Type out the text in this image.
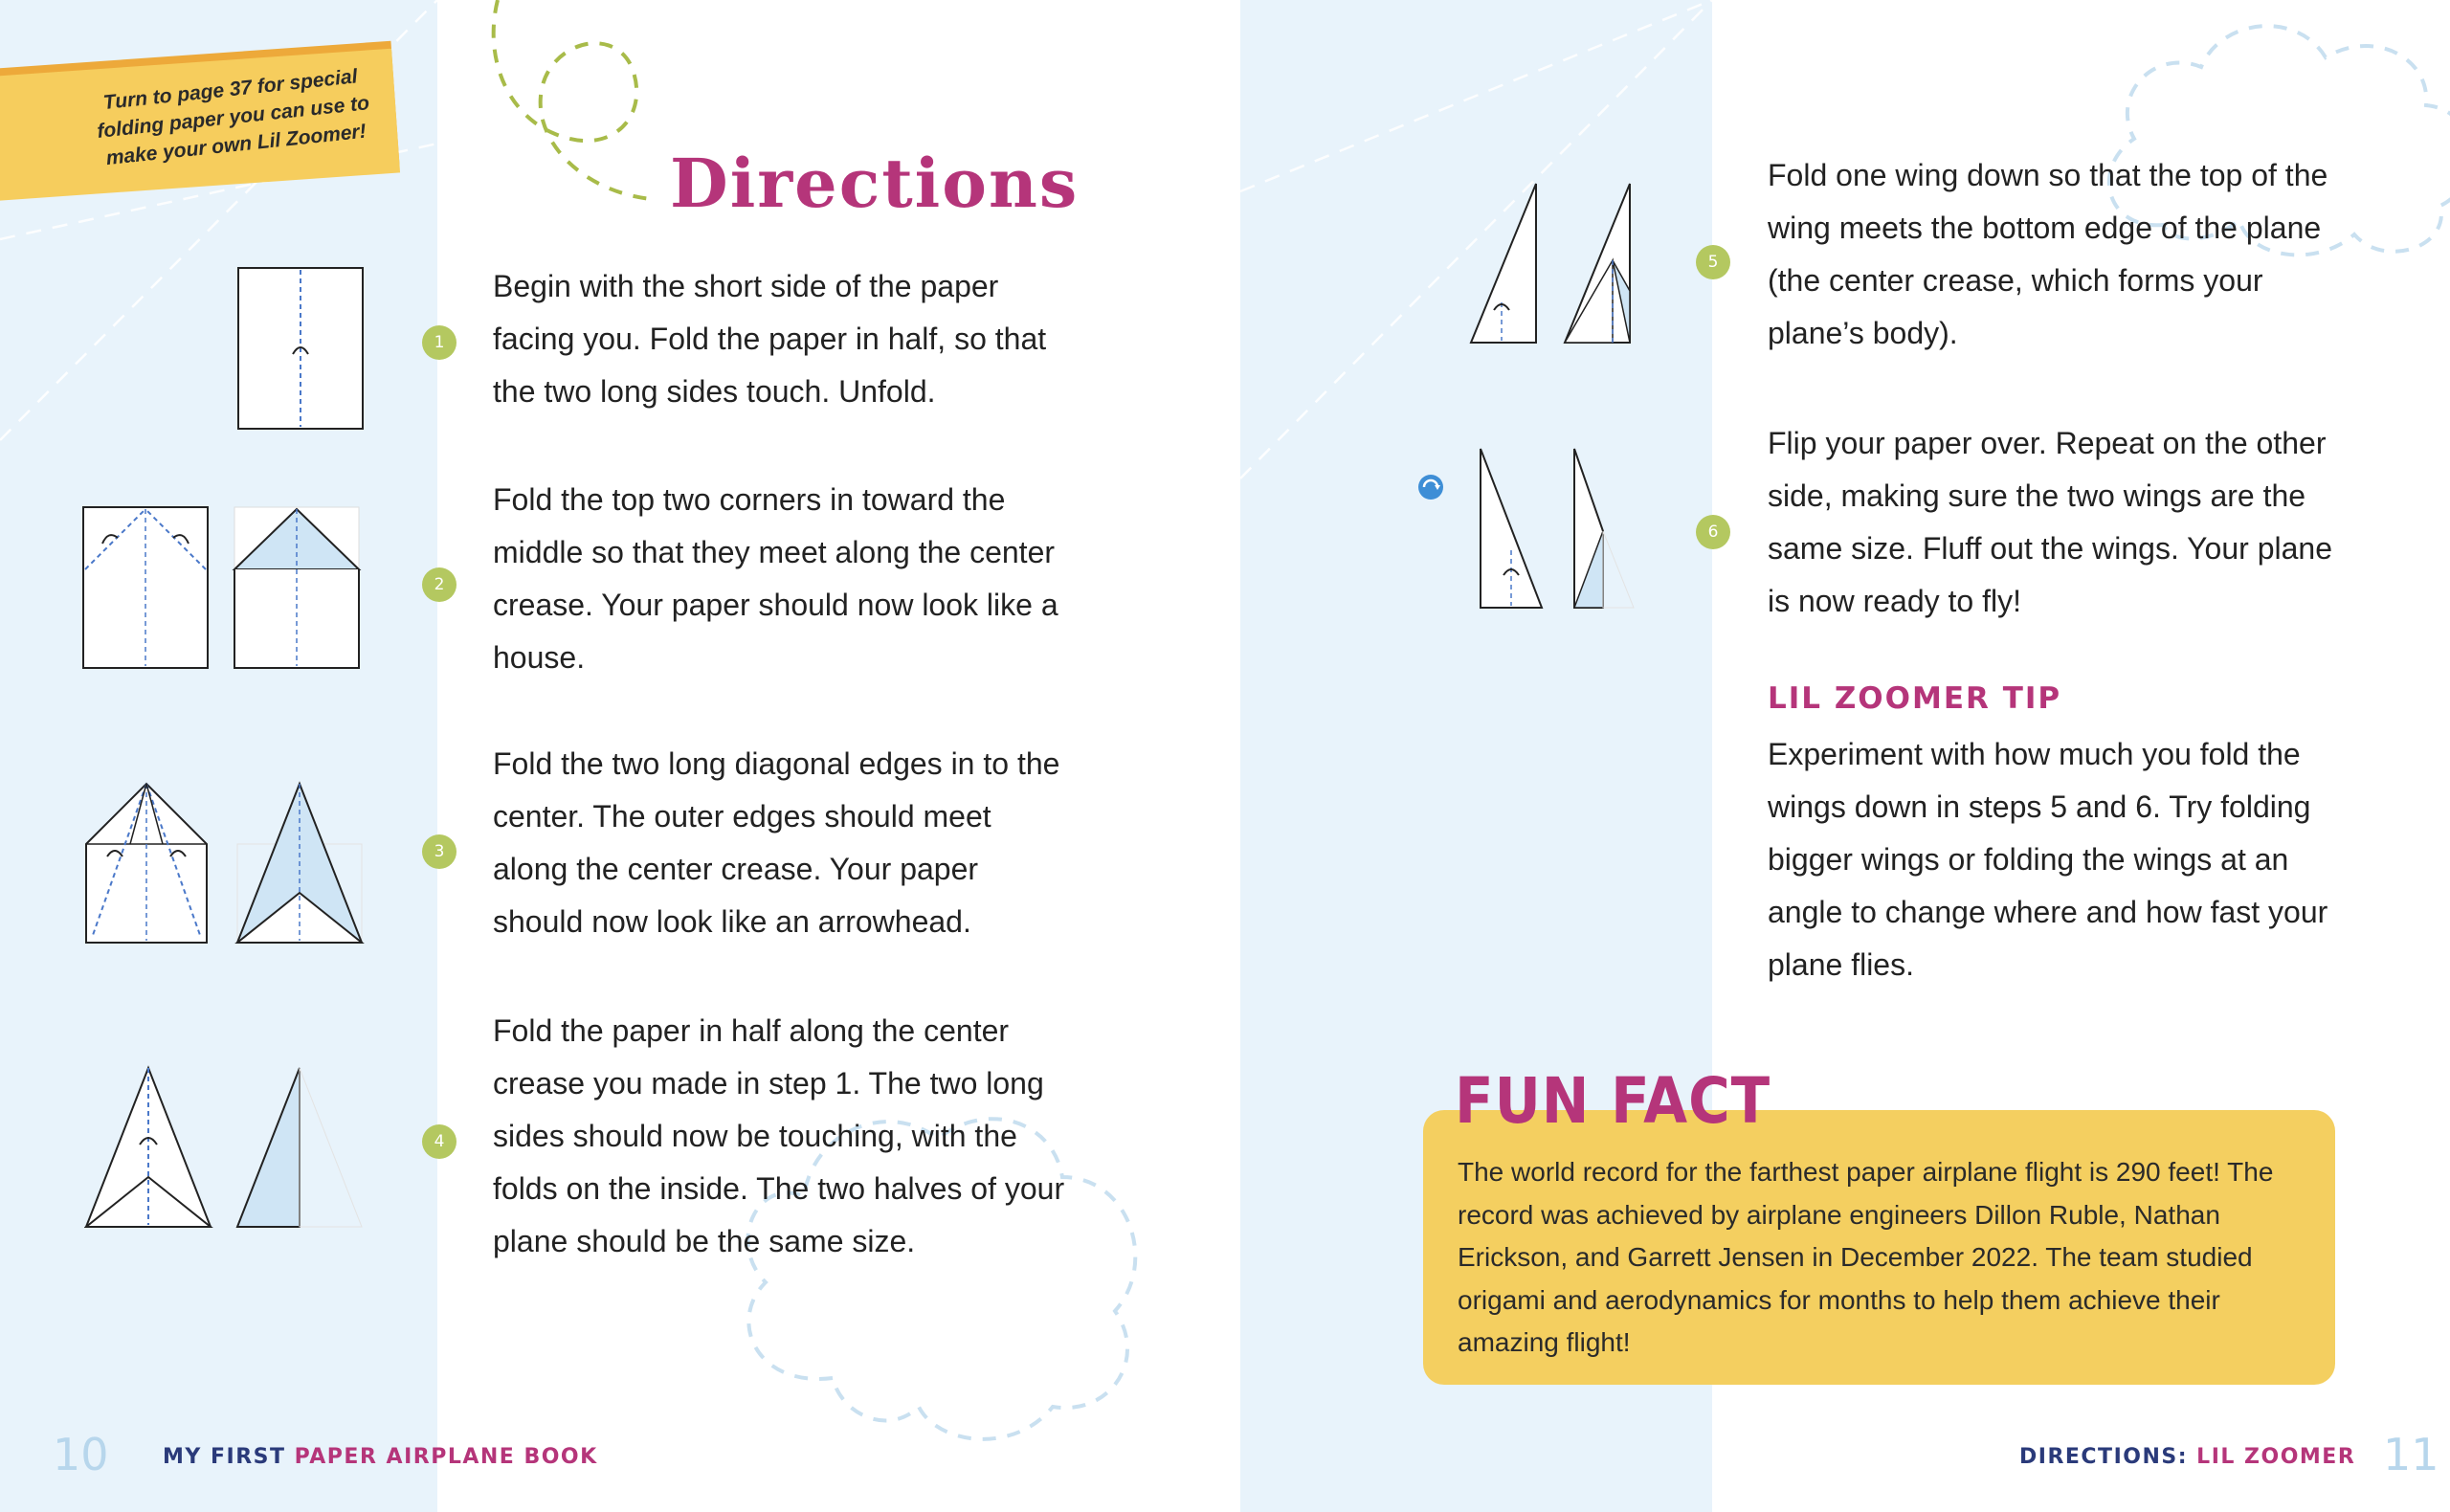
Turn to page 37 for special folding paper you can use to make your own Lil Zoomer!	Directions
1
Begin with the short side of the paper facing you. Fold the paper in half, so that the two long sides touch. Unfold.
2
Fold the top two corners in toward the middle so that they meet along the center crease. Your paper should now look like a house.
3
Fold the two long diagonal edges in to the center. The outer edges should meet along the center crease. Your paper should now look like an arrowhead.
4
Fold the paper in half along the center crease you made in step 1. The two long sides should now be touching, with the folds on the inside. The two halves of your plane should be the same size.
5
Fold one wing down so that the top of the wing meets the bottom edge of the plane (the center crease, which forms your plane’s body).
6
Flip your paper over. Repeat on the other side, making sure the two wings are the same size. Fluff out the wings. Your plane is now ready to fly!
LIL ZOOMER TIP
Experiment with how much you fold the wings down in steps 5 and 6. Try folding bigger wings or folding the wings at an angle to change where and how fast your plane flies.
FUN FACT
The world record for the farthest paper airplane flight is 290 feet! The record was achieved by airplane engineers Dillon Ruble, Nathan Erickson, and Garrett Jensen in December 2022. The team studied origami and aerodynamics for months to help them achieve their amazing flight!
10	MY FIRST PAPER AIRPLANE BOOK	DIRECTIONS: LIL ZOOMER 11
